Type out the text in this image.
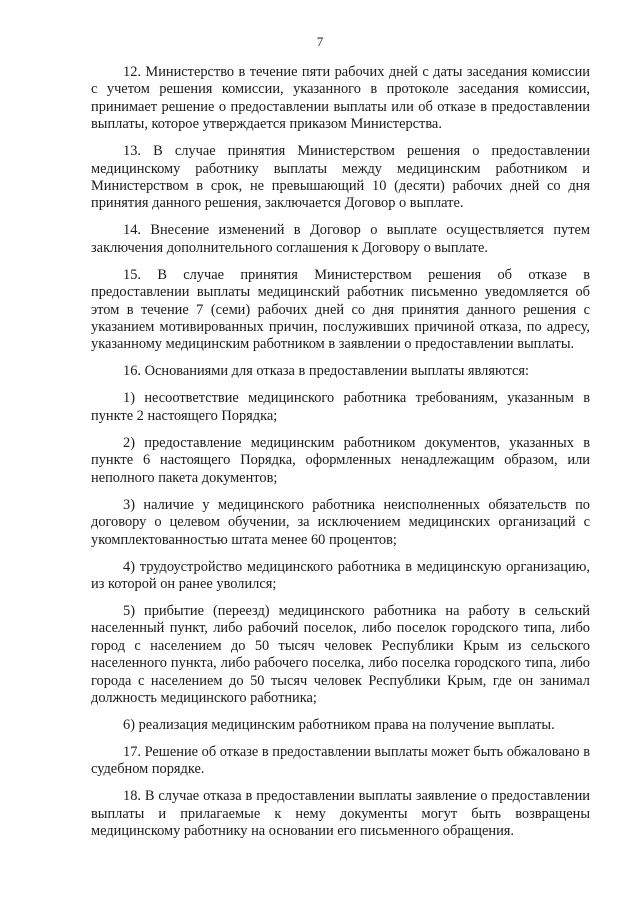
7

12. Министерство в течение пяти рабочих дней с даты заседания комиссии с учетом решения комиссии, указанного в протоколе заседания комиссии, принимает решение о предоставлении выплаты или об отказе в предоставлении выплаты, которое утверждается приказом Министерства.

13. В случае принятия Министерством решения о предоставлении медицинскому работнику выплаты между медицинским работником и Министерством в срок, не превышающий 10 (десяти) рабочих дней со дня принятия данного решения, заключается Договор о выплате.

14. Внесение изменений в Договор о выплате осуществляется путем заключения дополнительного соглашения к Договору о выплате.

15. В случае принятия Министерством решения об отказе в предоставлении выплаты медицинский работник письменно уведомляется об этом в течение 7 (семи) рабочих дней со дня принятия данного решения с указанием мотивированных причин, послуживших причиной отказа, по адресу, указанному медицинским работником в заявлении о предоставлении выплаты.

16. Основаниями для отказа в предоставлении выплаты являются:

1) несоответствие медицинского работника требованиям, указанным в пункте 2 настоящего Порядка;

2) предоставление медицинским работником документов, указанных в пункте 6 настоящего Порядка, оформленных ненадлежащим образом, или неполного пакета документов;

3) наличие у медицинского работника неисполненных обязательств по договору о целевом обучении, за исключением медицинских организаций с укомплектованностью штата менее 60 процентов;

4) трудоустройство медицинского работника в медицинскую организацию, из которой он ранее уволился;

5) прибытие (переезд) медицинского работника на работу в сельский населенный пункт, либо рабочий поселок, либо поселок городского типа, либо город с населением до 50 тысяч человек Республики Крым из сельского населенного пункта, либо рабочего поселка, либо поселка городского типа, либо города с населением до 50 тысяч человек Республики Крым, где он занимал должность медицинского работника;

6) реализация медицинским работником права на получение выплаты.

17. Решение об отказе в предоставлении выплаты может быть обжаловано в судебном порядке.

18. В случае отказа в предоставлении выплаты заявление о предоставлении выплаты и прилагаемые к нему документы могут быть возвращены медицинскому работнику на основании его письменного обращения.
